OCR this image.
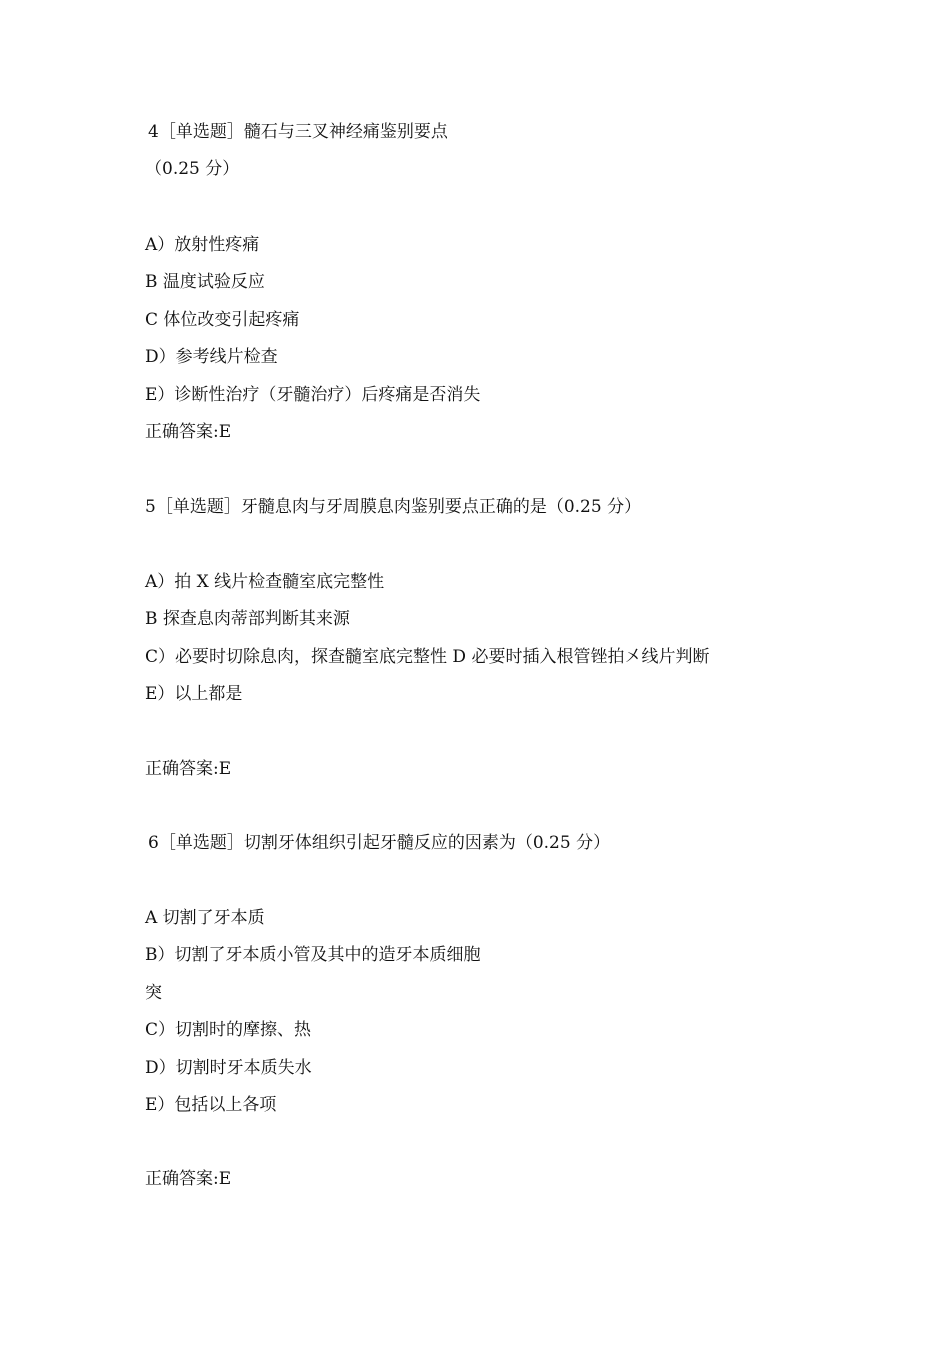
4［单选题］髓石与三叉神经痛鉴别要点
（0.25 分）
A）放射性疼痛
B 温度试验反应
C 体位改变引起疼痛
D）参考线片检查
E）诊断性治疗（牙髓治疗）后疼痛是否消失
正确答案:E
5［单选题］牙髓息肉与牙周膜息肉鉴别要点正确的是（0.25 分）
A）拍 X 线片检查髓室底完整性
B 探查息肉蒂部判断其来源
C）必要时切除息肉，探查髓室底完整性 D 必要时插入根管锉拍㐅线片判断
E）以上都是
正确答案:E
6［单选题］切割牙体组织引起牙髓反应的因素为（0.25 分）
A 切割了牙本质
B）切割了牙本质小管及其中的造牙本质细胞
突
C）切割时的摩擦、热
D）切割时牙本质失水
E）包括以上各项
正确答案:E
